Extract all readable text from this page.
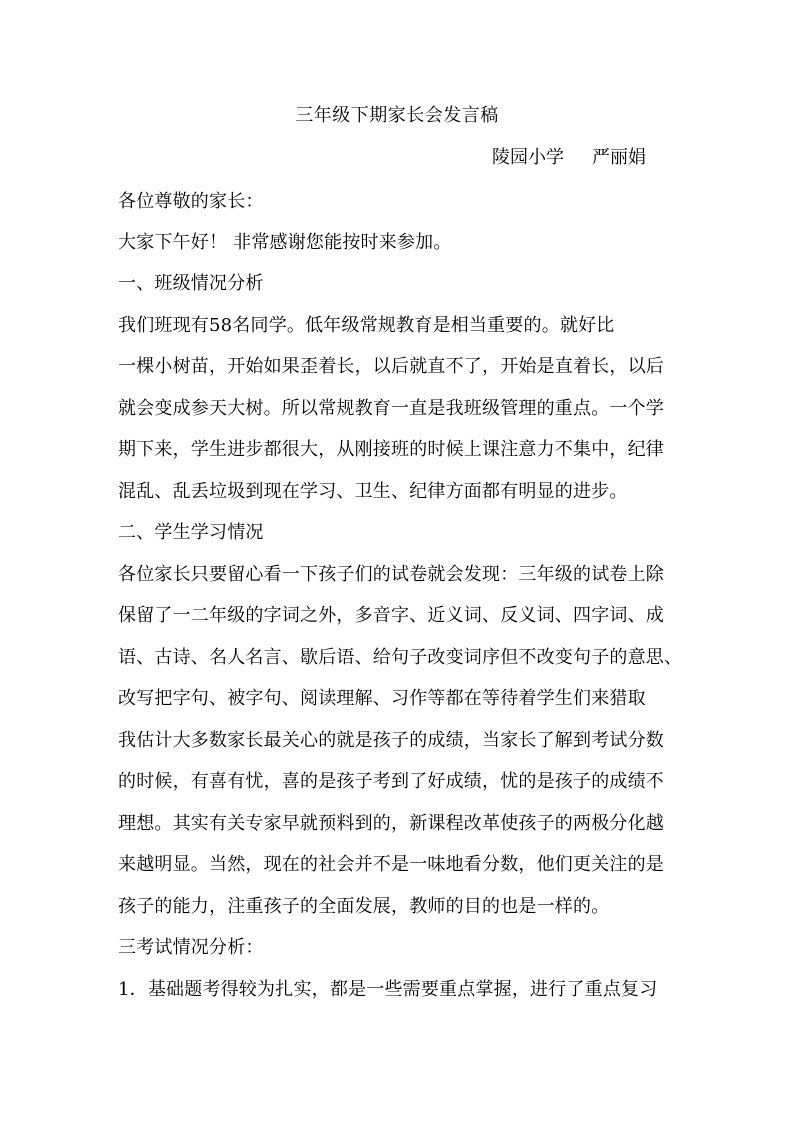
三年级下期家长会发言稿
陵园小学 严丽娟
各位尊敬的家长：
大家下午好！ 非常感谢您能按时来参加。
一、班级情况分析
我们班现有58名同学。低年级常规教育是相当重要的。就好比
一棵小树苗，开始如果歪着长，以后就直不了，开始是直着长，以后
就会变成参天大树。所以常规教育一直是我班级管理的重点。一个学
期下来，学生进步都很大，从刚接班的时候上课注意力不集中，纪律
混乱、乱丢垃圾到现在学习、卫生、纪律方面都有明显的进步。
二、学生学习情况
各位家长只要留心看一下孩子们的试卷就会发现：三年级的试卷上除
保留了一二年级的字词之外，多音字、近义词、反义词、四字词、成
语、古诗、名人名言、歇后语、给句子改变词序但不改变句子的意思、
改写把字句、被字句、阅读理解、习作等都在等待着学生们来猎取
我估计大多数家长最关心的就是孩子的成绩，当家长了解到考试分数
的时候，有喜有忧，喜的是孩子考到了好成绩，忧的是孩子的成绩不
理想。其实有关专家早就预料到的，新课程改革使孩子的两极分化越
来越明显。当然，现在的社会并不是一味地看分数，他们更关注的是
孩子的能力，注重孩子的全面发展，教师的目的也是一样的。
三考试情况分析：
1．基础题考得较为扎实，都是一些需要重点掌握，进行了重点复习
